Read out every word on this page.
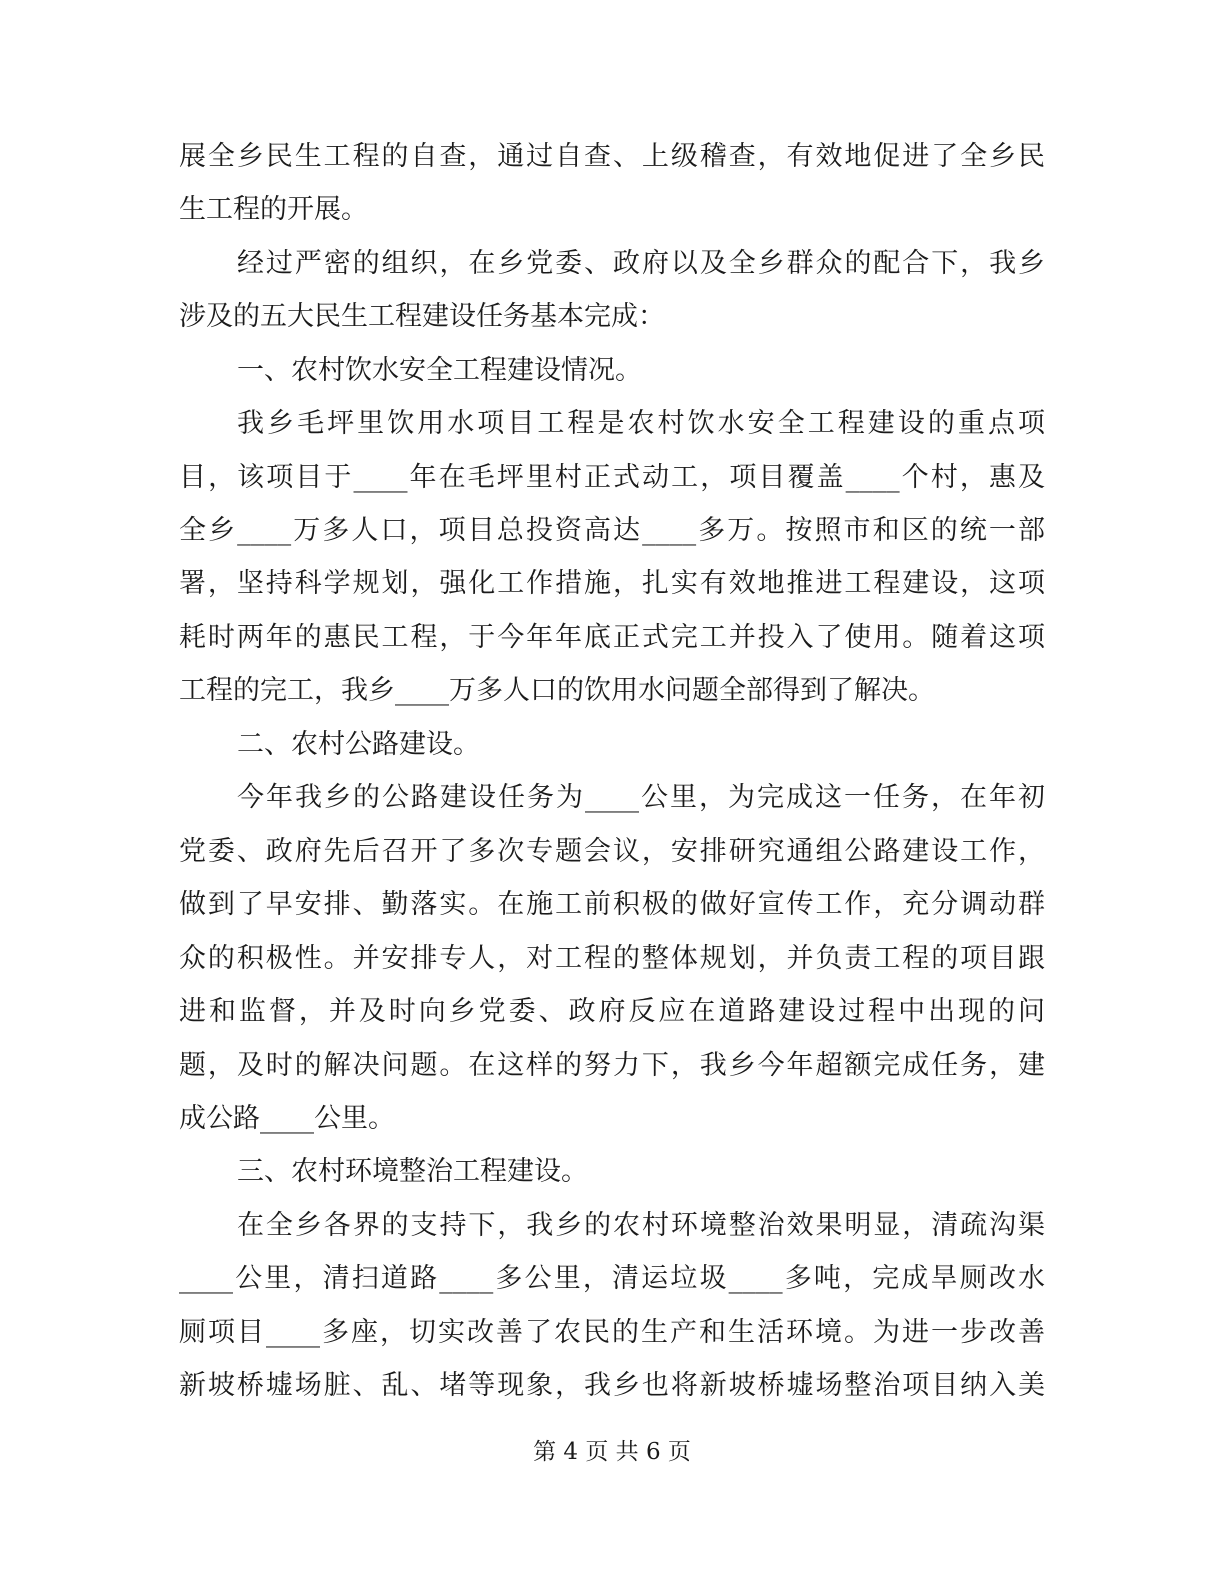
展全乡民生工程的自查，通过自查、上级稽查，有效地促进了全乡民
生工程的开展。
经过严密的组织，在乡党委、政府以及全乡群众的配合下，我乡
涉及的五大民生工程建设任务基本完成：
一、农村饮水安全工程建设情况。
我乡毛坪里饮用水项目工程是农村饮水安全工程建设的重点项
目，该项目于____年在毛坪里村正式动工，项目覆盖____个村，惠及
全乡____万多人口，项目总投资高达____多万。按照市和区的统一部
署，坚持科学规划，强化工作措施，扎实有效地推进工程建设，这项
耗时两年的惠民工程，于今年年底正式完工并投入了使用。随着这项
工程的完工，我乡____万多人口的饮用水问题全部得到了解决。
二、农村公路建设。
今年我乡的公路建设任务为____公里，为完成这一任务，在年初
党委、政府先后召开了多次专题会议，安排研究通组公路建设工作，
做到了早安排、勤落实。在施工前积极的做好宣传工作，充分调动群
众的积极性。并安排专人，对工程的整体规划，并负责工程的项目跟
进和监督，并及时向乡党委、政府反应在道路建设过程中出现的问
题，及时的解决问题。在这样的努力下，我乡今年超额完成任务，建
成公路____公里。
三、农村环境整治工程建设。
在全乡各界的支持下，我乡的农村环境整治效果明显，清疏沟渠
____公里，清扫道路____多公里，清运垃圾____多吨，完成旱厕改水
厕项目____多座，切实改善了农民的生产和生活环境。为进一步改善
新坡桥墟场脏、乱、堵等现象，我乡也将新坡桥墟场整治项目纳入美
第 4 页 共 6 页
